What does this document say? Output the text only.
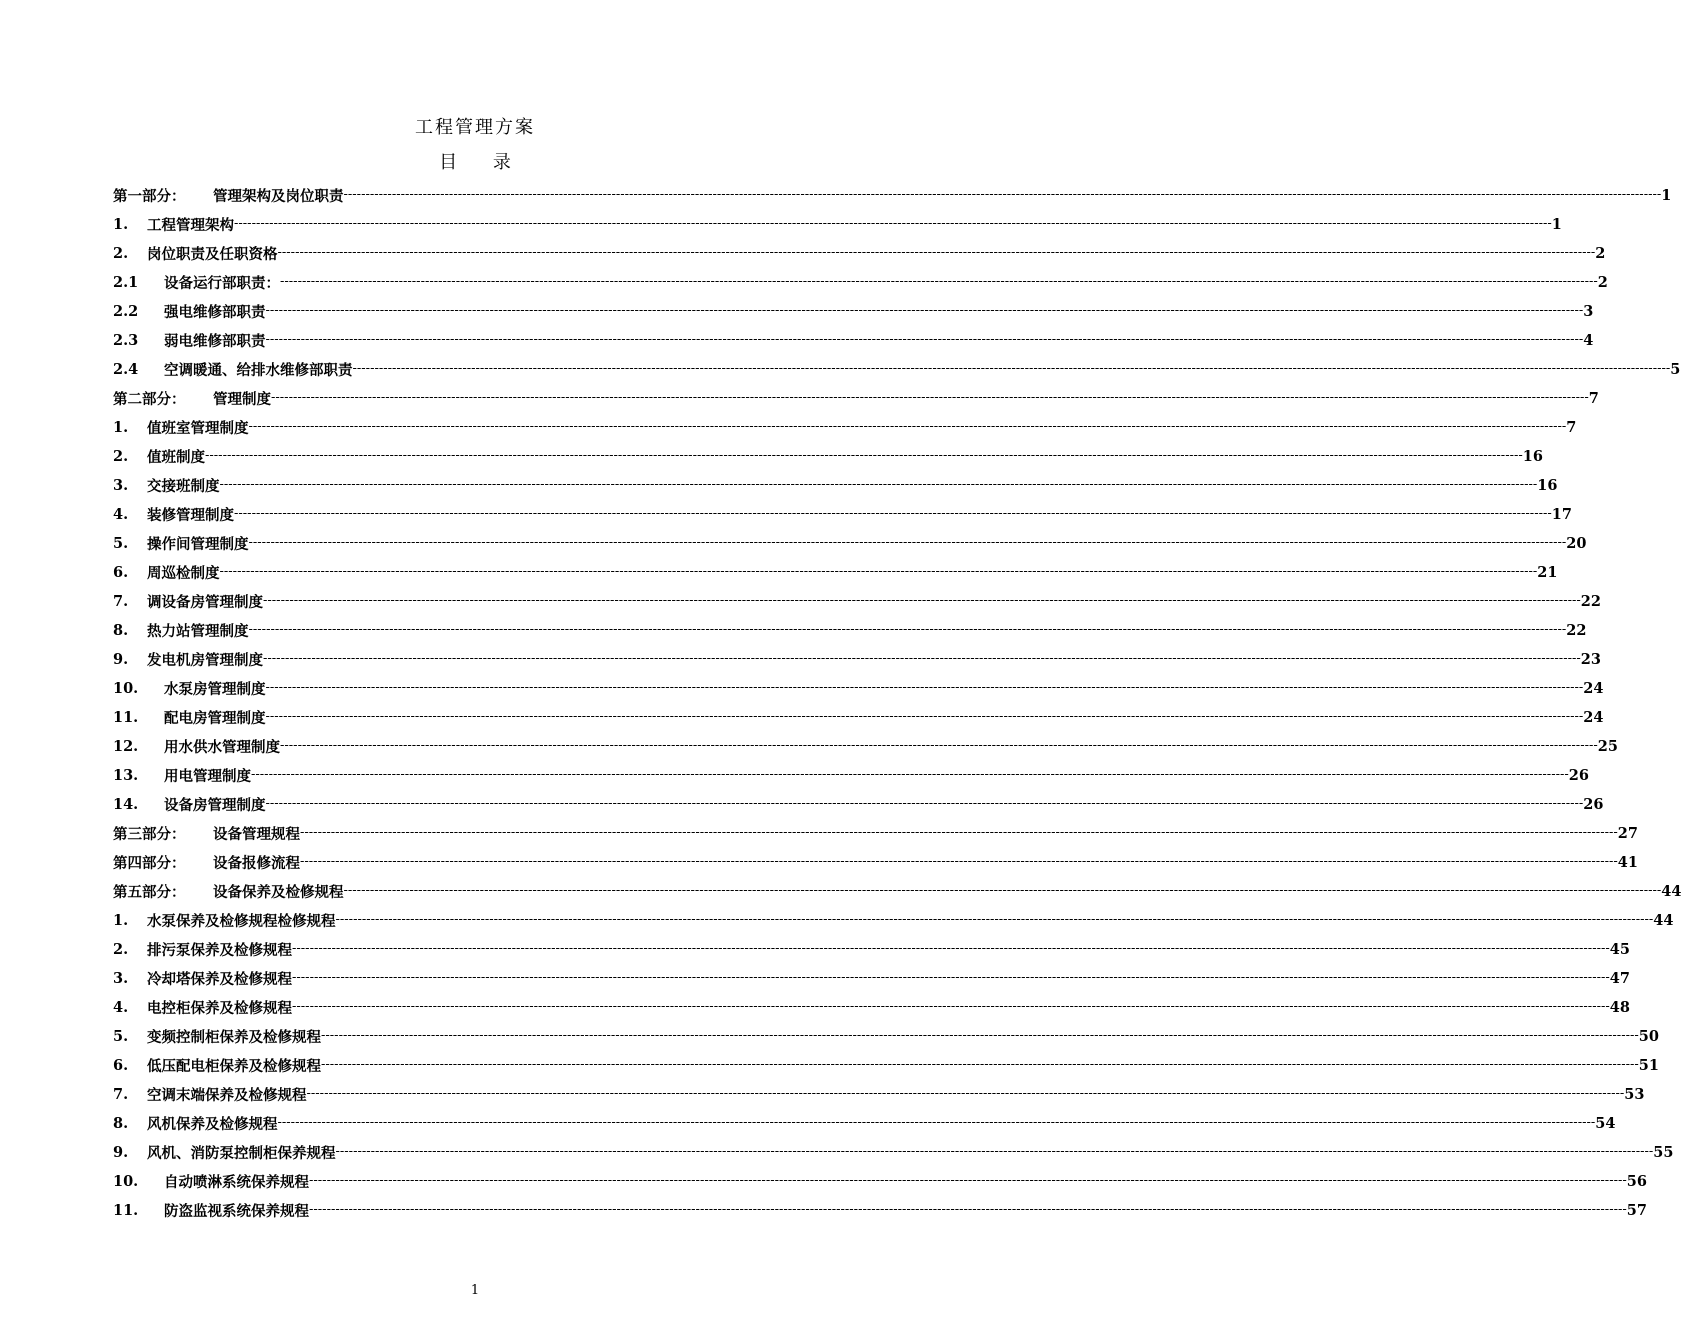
工程管理方案
目 录
第一部分：	管理架构及岗位职责 ------------------------------------------------------------------------------------------------------------------------------------------------------------------------------------------------------------------------------------------------------------------------------------------------------------ 1
1.	工程管理架构 ------------------------------------------------------------------------------------------------------------------------------------------------------------------------------------------------------------------------------------------------------------------------------------------------------------ 1
2.	岗位职责及任职资格 ------------------------------------------------------------------------------------------------------------------------------------------------------------------------------------------------------------------------------------------------------------------------------------------------------------ 2
2.1	设备运行部职责： ------------------------------------------------------------------------------------------------------------------------------------------------------------------------------------------------------------------------------------------------------------------------------------------------------------ 2
2.2	强电维修部职责 ------------------------------------------------------------------------------------------------------------------------------------------------------------------------------------------------------------------------------------------------------------------------------------------------------------ 3
2.3	弱电维修部职责 ------------------------------------------------------------------------------------------------------------------------------------------------------------------------------------------------------------------------------------------------------------------------------------------------------------ 4
2.4	空调暖通、给排水维修部职责 ------------------------------------------------------------------------------------------------------------------------------------------------------------------------------------------------------------------------------------------------------------------------------------------------------------ 5
第二部分：	管理制度 ------------------------------------------------------------------------------------------------------------------------------------------------------------------------------------------------------------------------------------------------------------------------------------------------------------ 7
1.	值班室管理制度 ------------------------------------------------------------------------------------------------------------------------------------------------------------------------------------------------------------------------------------------------------------------------------------------------------------ 7
2.	值班制度 ------------------------------------------------------------------------------------------------------------------------------------------------------------------------------------------------------------------------------------------------------------------------------------------------------------ 16
3.	交接班制度 ------------------------------------------------------------------------------------------------------------------------------------------------------------------------------------------------------------------------------------------------------------------------------------------------------------ 16
4.	装修管理制度 ------------------------------------------------------------------------------------------------------------------------------------------------------------------------------------------------------------------------------------------------------------------------------------------------------------ 17
5.	操作间管理制度 ------------------------------------------------------------------------------------------------------------------------------------------------------------------------------------------------------------------------------------------------------------------------------------------------------------ 20
6.	周巡检制度 ------------------------------------------------------------------------------------------------------------------------------------------------------------------------------------------------------------------------------------------------------------------------------------------------------------ 21
7.	调设备房管理制度 ------------------------------------------------------------------------------------------------------------------------------------------------------------------------------------------------------------------------------------------------------------------------------------------------------------ 22
8.	热力站管理制度 ------------------------------------------------------------------------------------------------------------------------------------------------------------------------------------------------------------------------------------------------------------------------------------------------------------ 22
9.	发电机房管理制度 ------------------------------------------------------------------------------------------------------------------------------------------------------------------------------------------------------------------------------------------------------------------------------------------------------------ 23
10.	水泵房管理制度 ------------------------------------------------------------------------------------------------------------------------------------------------------------------------------------------------------------------------------------------------------------------------------------------------------------ 24
11.	配电房管理制度 ------------------------------------------------------------------------------------------------------------------------------------------------------------------------------------------------------------------------------------------------------------------------------------------------------------ 24
12.	用水供水管理制度 ------------------------------------------------------------------------------------------------------------------------------------------------------------------------------------------------------------------------------------------------------------------------------------------------------------ 25
13.	用电管理制度 ------------------------------------------------------------------------------------------------------------------------------------------------------------------------------------------------------------------------------------------------------------------------------------------------------------ 26
14.	设备房管理制度 ------------------------------------------------------------------------------------------------------------------------------------------------------------------------------------------------------------------------------------------------------------------------------------------------------------ 26
第三部分：	设备管理规程 ------------------------------------------------------------------------------------------------------------------------------------------------------------------------------------------------------------------------------------------------------------------------------------------------------------ 27
第四部分：	设备报修流程 ------------------------------------------------------------------------------------------------------------------------------------------------------------------------------------------------------------------------------------------------------------------------------------------------------------ 41
第五部分：	设备保养及检修规程 ------------------------------------------------------------------------------------------------------------------------------------------------------------------------------------------------------------------------------------------------------------------------------------------------------------ 44
1.	水泵保养及检修规程检修规程 ------------------------------------------------------------------------------------------------------------------------------------------------------------------------------------------------------------------------------------------------------------------------------------------------------------ 44
2.	排污泵保养及检修规程 ------------------------------------------------------------------------------------------------------------------------------------------------------------------------------------------------------------------------------------------------------------------------------------------------------------ 45
3.	冷却塔保养及检修规程 ------------------------------------------------------------------------------------------------------------------------------------------------------------------------------------------------------------------------------------------------------------------------------------------------------------ 47
4.	电控柜保养及检修规程 ------------------------------------------------------------------------------------------------------------------------------------------------------------------------------------------------------------------------------------------------------------------------------------------------------------ 48
5.	变频控制柜保养及检修规程 ------------------------------------------------------------------------------------------------------------------------------------------------------------------------------------------------------------------------------------------------------------------------------------------------------------ 50
6.	低压配电柜保养及检修规程 ------------------------------------------------------------------------------------------------------------------------------------------------------------------------------------------------------------------------------------------------------------------------------------------------------------ 51
7.	空调末端保养及检修规程 ------------------------------------------------------------------------------------------------------------------------------------------------------------------------------------------------------------------------------------------------------------------------------------------------------------ 53
8.	风机保养及检修规程 ------------------------------------------------------------------------------------------------------------------------------------------------------------------------------------------------------------------------------------------------------------------------------------------------------------ 54
9.	风机、消防泵控制柜保养规程 ------------------------------------------------------------------------------------------------------------------------------------------------------------------------------------------------------------------------------------------------------------------------------------------------------------ 55
10.	自动喷淋系统保养规程 ------------------------------------------------------------------------------------------------------------------------------------------------------------------------------------------------------------------------------------------------------------------------------------------------------------ 56
11.	防盗监视系统保养规程 ------------------------------------------------------------------------------------------------------------------------------------------------------------------------------------------------------------------------------------------------------------------------------------------------------------ 57
1
